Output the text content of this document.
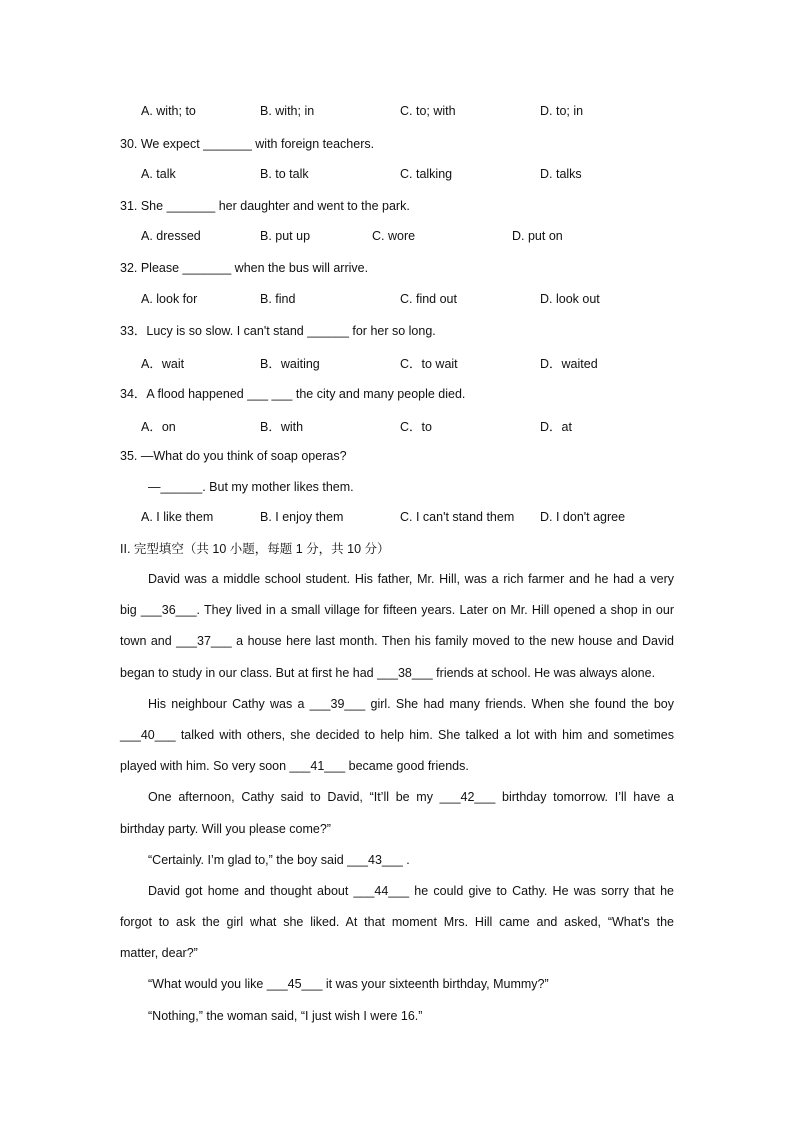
A. with; to	B. with; in	C. to; with	D. to; in
30. We expect _______ with foreign teachers.
A. talk	B. to talk	C. talking	D. talks
31. She _______ her daughter and went to the park.
A. dressed	B. put up	C. wore	D. put on
32. Please _______ when the bus will arrive.
A. look for	B. find	C. find out	D. look out
33．Lucy is so slow. I can't stand ______ for her so long.
A．wait	B．waiting	C．to wait	D．waited
34．A flood happened ___ ___ the city and many people died.
A．on	B．with	C．to	D．at
35. —What do you think of soap operas?
—______. But my mother likes them.
A. I like them	B. I enjoy them	C. I can't stand them D. I don't agree
II. 完型填空（共 10 小题，每题 1 分，共 10 分）
David was a middle school student. His father, Mr. Hill, was a rich farmer and he had a very
big ___36___. They lived in a small village for fifteen years. Later on Mr. Hill opened a shop in our
town and ___37___ a house here last month. Then his family moved to the new house and David
began to study in our class. But at first he had ___38___ friends at school. He was always alone.
His neighbour Cathy was a ___39___ girl. She had many friends. When she found the boy
___40___ talked with others, she decided to help him. She talked a lot with him and sometimes
played with him. So very soon ___41___ became good friends.
One afternoon, Cathy said to David, “It’ll be my ___42___ birthday tomorrow. I’ll have a
birthday party. Will you please come?”
“Certainly. I’m glad to,” the boy said ___43___ .
David got home and thought about ___44___ he could give to Cathy. He was sorry that he
forgot to ask the girl what she liked. At that moment Mrs. Hill came and asked, “What's the
matter, dear?”
“What would you like ___45___ it was your sixteenth birthday, Mummy?”
“Nothing,” the woman said, “I just wish I were 16.”
